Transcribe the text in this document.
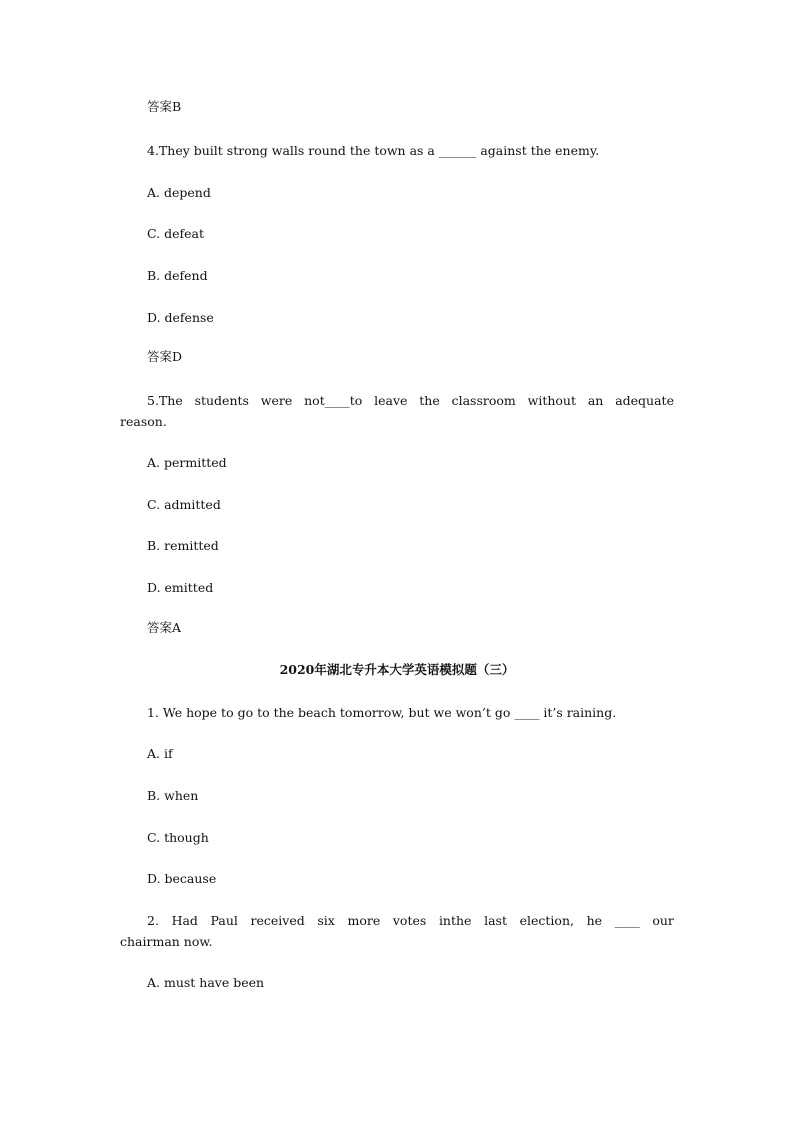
答案B
4.They built strong walls round the town as a ______ against the enemy.
A. depend
C. defeat
B. defend
D. defense
答案D
5.The students were not____to leave the classroom without an adequate
reason.
A. permitted
C. admitted
B. remitted
D. emitted
答案A
2020年湖北专升本大学英语模拟题（三）
1. We hope to go to the beach tomorrow, but we won’t go ____ it’s raining.
A. if
B. when
C. though
D. because
2. Had Paul received six more votes inthe last election, he ____ our
chairman now.
A. must have been
